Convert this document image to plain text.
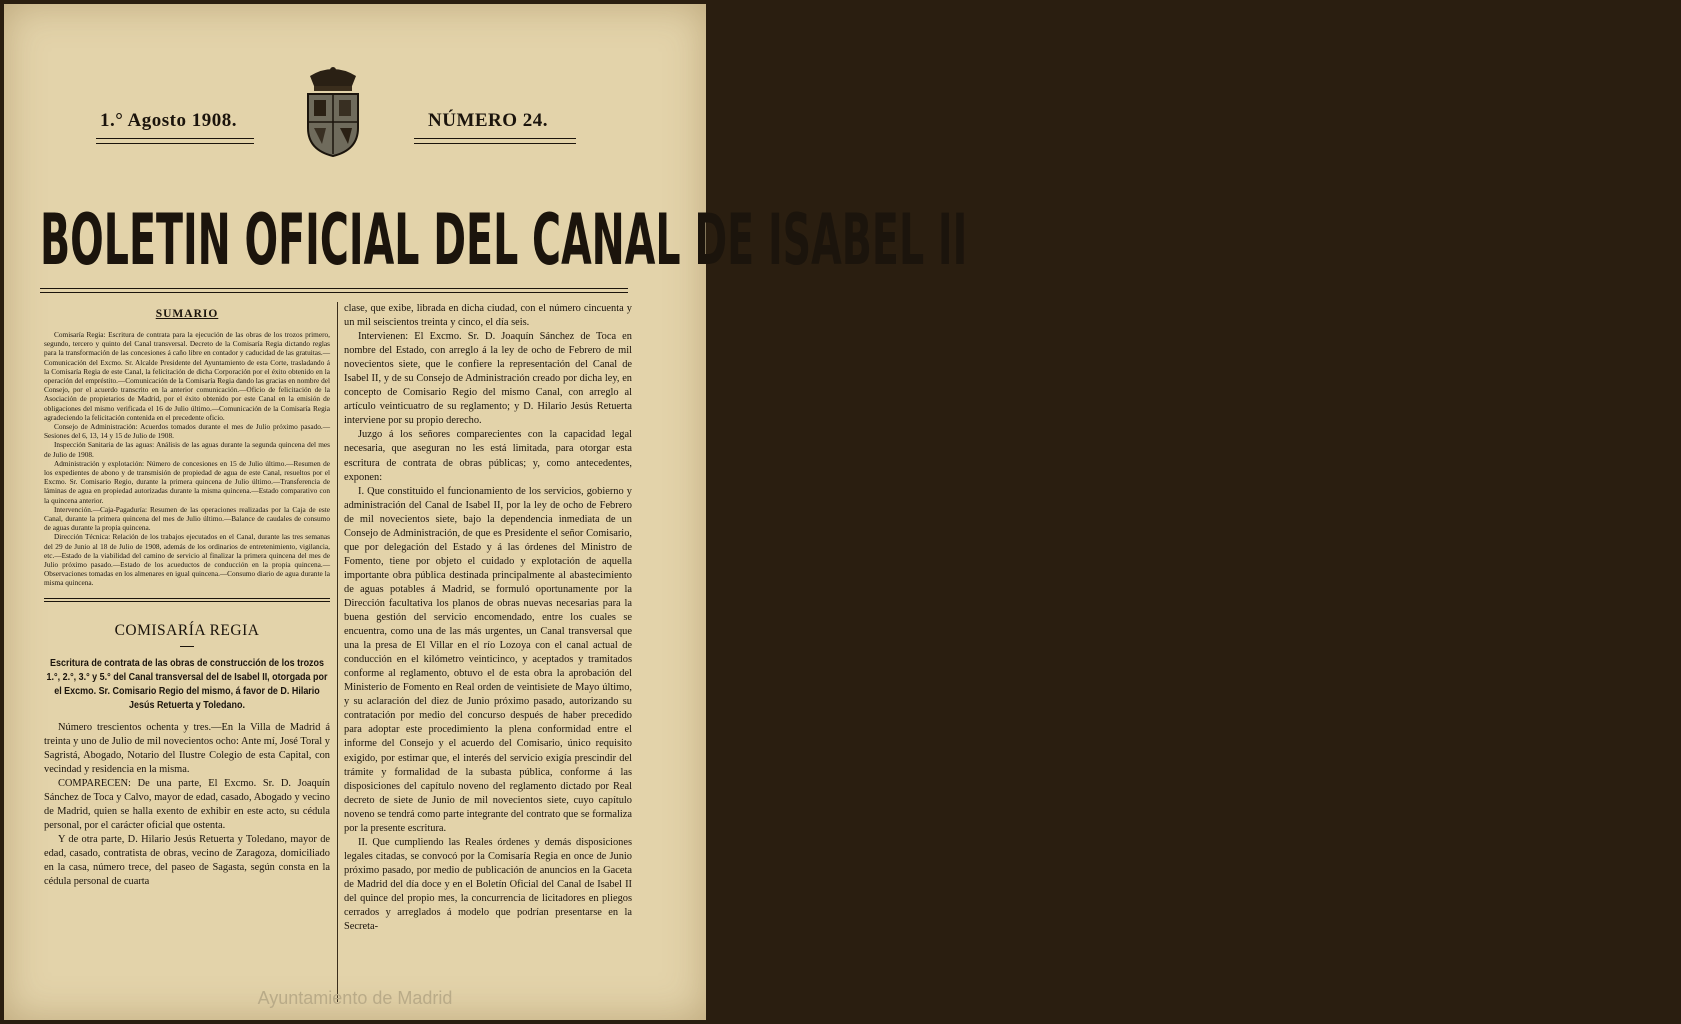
1.° Agosto 1908.	NÚMERO 24.
BOLETIN OFICIAL DEL CANAL DE ISABEL II
SUMARIO

Comisaría Regia: Escritura de contrata para la ejecución de las obras de los trozos primero, segundo, tercero y quinto del Canal transversal. Decreto de la Comisaría Regia dictando reglas para la transformación de las concesiones á caño libre en contador y caducidad de las gratuitas.—Comunicación del Excmo. Sr. Alcalde Presidente del Ayuntamiento de esta Corte, trasladando á la Comisaría Regia de este Canal, la felicitación de dicha Corporación por el éxito obtenido en la operación del empréstito.—Comunicación de la Comisaría Regia dando las gracias en nombre del Consejo, por el acuerdo transcrito en la anterior comunicación.—Oficio de felicitación de la Asociación de propietarios de Madrid, por el éxito obtenido por este Canal en la emisión de obligaciones del mismo verificada el 16 de Julio último.—Comunicación de la Comisaría Regia agradeciendo la felicitación contenida en el precedente oficio.

Consejo de Administración: Acuerdos tomados durante el mes de Julio próximo pasado.—Sesiones del 6, 13, 14 y 15 de Julio de 1908.

Inspección Sanitaria de las aguas: Análisis de las aguas durante la segunda quincena del mes de Julio de 1908.

Administración y explotación: Número de concesiones en 15 de Julio último.—Resumen de los expedientes de abono y de transmisión de propiedad de agua de este Canal, resueltos por el Excmo. Sr. Comisario Regio, durante la primera quincena de Julio último.—Transferencia de láminas de agua en propiedad autorizadas durante la misma quincena.—Estado comparativo con la quincena anterior.

Intervención.—Caja-Pagaduría: Resumen de las operaciones realizadas por la Caja de este Canal, durante la primera quincena del mes de Julio último.—Balance de caudales de consumo de aguas durante la propia quincena.

Dirección Técnica: Relación de los trabajos ejecutados en el Canal, durante las tres semanas del 29 de Junio al 18 de Julio de 1908, además de los ordinarios de entretenimiento, vigilancia, etc.—Estado de la viabilidad del camino de servicio al finalizar la primera quincena del mes de Julio próximo pasado.—Estado de los acueductos de conducción en la propia quincena.—Observaciones tomadas en los almenares en igual quincena.—Consumo diario de agua durante la misma quincena.

COMISARÍA REGIA
Escritura de contrata de las obras de construcción de los trozos 1.°, 2.°, 3.° y 5.° del Canal transversal del de Isabel II, otorgada por el Excmo. Sr. Comisario Regio del mismo, á favor de D. Hilario Jesús Retuerta y Toledano.

Número trescientos ochenta y tres.—En la Villa de Madrid á treinta y uno de Julio de mil novecientos ocho: Ante mí, José Toral y Sagristá, Abogado, Notario del Ilustre Colegio de esta Capital, con vecindad y residencia en la misma.

COMPARECEN: De una parte, El Excmo. Sr. D. Joaquín Sánchez de Toca y Calvo, mayor de edad, casado, Abogado y vecino de Madrid, quien se halla exento de exhibir en este acto, su cédula personal, por el carácter oficial que ostenta.

Y de otra parte, D. Hilario Jesús Retuerta y Toledano, mayor de edad, casado, contratista de obras, vecino de Zaragoza, domiciliado en la casa, número trece, del paseo de Sagasta, según consta en la cédula personal de cuarta

clase, que exibe, librada en dicha ciudad, con el número cincuenta y un mil seiscientos treinta y cinco, el día seis.

Intervienen: El Excmo. Sr. D. Joaquín Sánchez de Toca en nombre del Estado, con arreglo á la ley de ocho de Febrero de mil novecientos siete, que le confiere la representación del Canal de Isabel II, y de su Consejo de Administración creado por dicha ley, en concepto de Comisario Regio del mismo Canal, con arreglo al artículo veinticuatro de su reglamento; y D. Hilario Jesús Retuerta interviene por su propio derecho.

Juzgo á los señores comparecientes con la capacidad legal necesaria, que aseguran no les está limitada, para otorgar esta escritura de contrata de obras públicas; y, como antecedentes, exponen:

I. Que constituido el funcionamiento de los servicios, gobierno y administración del Canal de Isabel II, por la ley de ocho de Febrero de mil novecientos siete, bajo la dependencia inmediata de un Consejo de Administración, de que es Presidente el señor Comisario, que por delegación del Estado y á las órdenes del Ministro de Fomento, tiene por objeto el cuidado y explotación de aquella importante obra pública destinada principalmente al abastecimiento de aguas potables á Madrid, se formuló oportunamente por la Dirección facultativa los planos de obras nuevas necesarias para la buena gestión del servicio encomendado, entre los cuales se encuentra, como una de las más urgentes, un Canal transversal que una la presa de El Villar en el río Lozoya con el canal actual de conducción en el kilómetro veinticinco, y aceptados y tramitados conforme al reglamento, obtuvo el de esta obra la aprobación del Ministerio de Fomento en Real orden de veintisiete de Mayo último, y su aclaración del diez de Junio próximo pasado, autorizando su contratación por medio del concurso después de haber precedido para adoptar este procedimiento la plena conformidad entre el informe del Consejo y el acuerdo del Comisario, único requisito exigido, por estimar que, el interés del servicio exigía prescindir del trámite y formalidad de la subasta pública, conforme á las disposiciones del capítulo noveno del reglamento dictado por Real decreto de siete de Junio de mil novecientos siete, cuyo capítulo noveno se tendrá como parte integrante del contrato que se formaliza por la presente escritura.

II. Que cumpliendo las Reales órdenes y demás disposiciones legales citadas, se convocó por la Comisaría Regia en once de Junio próximo pasado, por medio de publicación de anuncios en la Gaceta de Madrid del día doce y en el Boletín Oficial del Canal de Isabel II del quince del propio mes, la concurrencia de licitadores en pliegos cerrados y arreglados á modelo que podrían presentarse en la Secreta-

Ayuntamiento de Madrid
